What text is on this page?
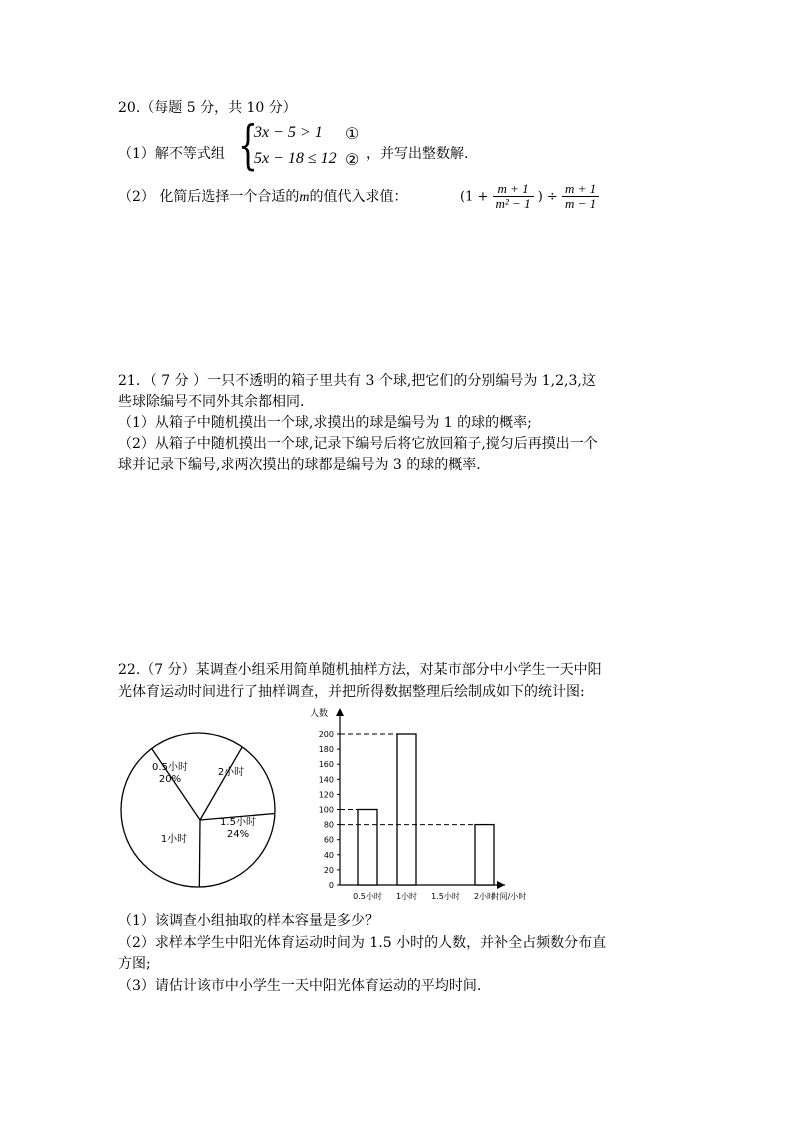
20.（每题 5 分，共 10 分）
（1）解不等式组 {
3x − 5 > 1 ①
5x − 18 ≤ 12 ② ，并写出整数解.
（2） 化简后选择一个合适的m的值代入求值：	($1 + \frac{m + 1}{\text{m² − 1}}$ ) ÷ $\frac{m + 1}{m - 1}$
21．（ 7 分 ）一只不透明的箱子里共有 3 个球,把它们的分别编号为 1,2,3,这
些球除编号不同外其余都相同.
（1）从箱子中随机摸出一个球,求摸出的球是编号为 1 的球的概率;
（2）从箱子中随机摸出一个球,记录下编号后将它放回箱子,搅匀后再摸出一个
球并记录下编号,求两次摸出的球都是编号为 3 的球的概率.
22.（7 分）某调查小组采用简单随机抽样方法，对某市部分中小学生一天中阳
光体育运动时间进行了抽样调查，并把所得数据整理后绘制成如下的统计图:
0.5小时
20%
2小时
1.5小时
24%
1小时
人数
0
20
40
60
80
100
120
140
160
180
200
0.5小时 1小时 1.5小时 2小时
时间/小时
（1）该调查小组抽取的样本容量是多少？
（2）求样本学生中阳光体育运动时间为 1.5 小时的人数，并补全占频数分布直
方图;
（3）请估计该市中小学生一天中阳光体育运动的平均时间.
